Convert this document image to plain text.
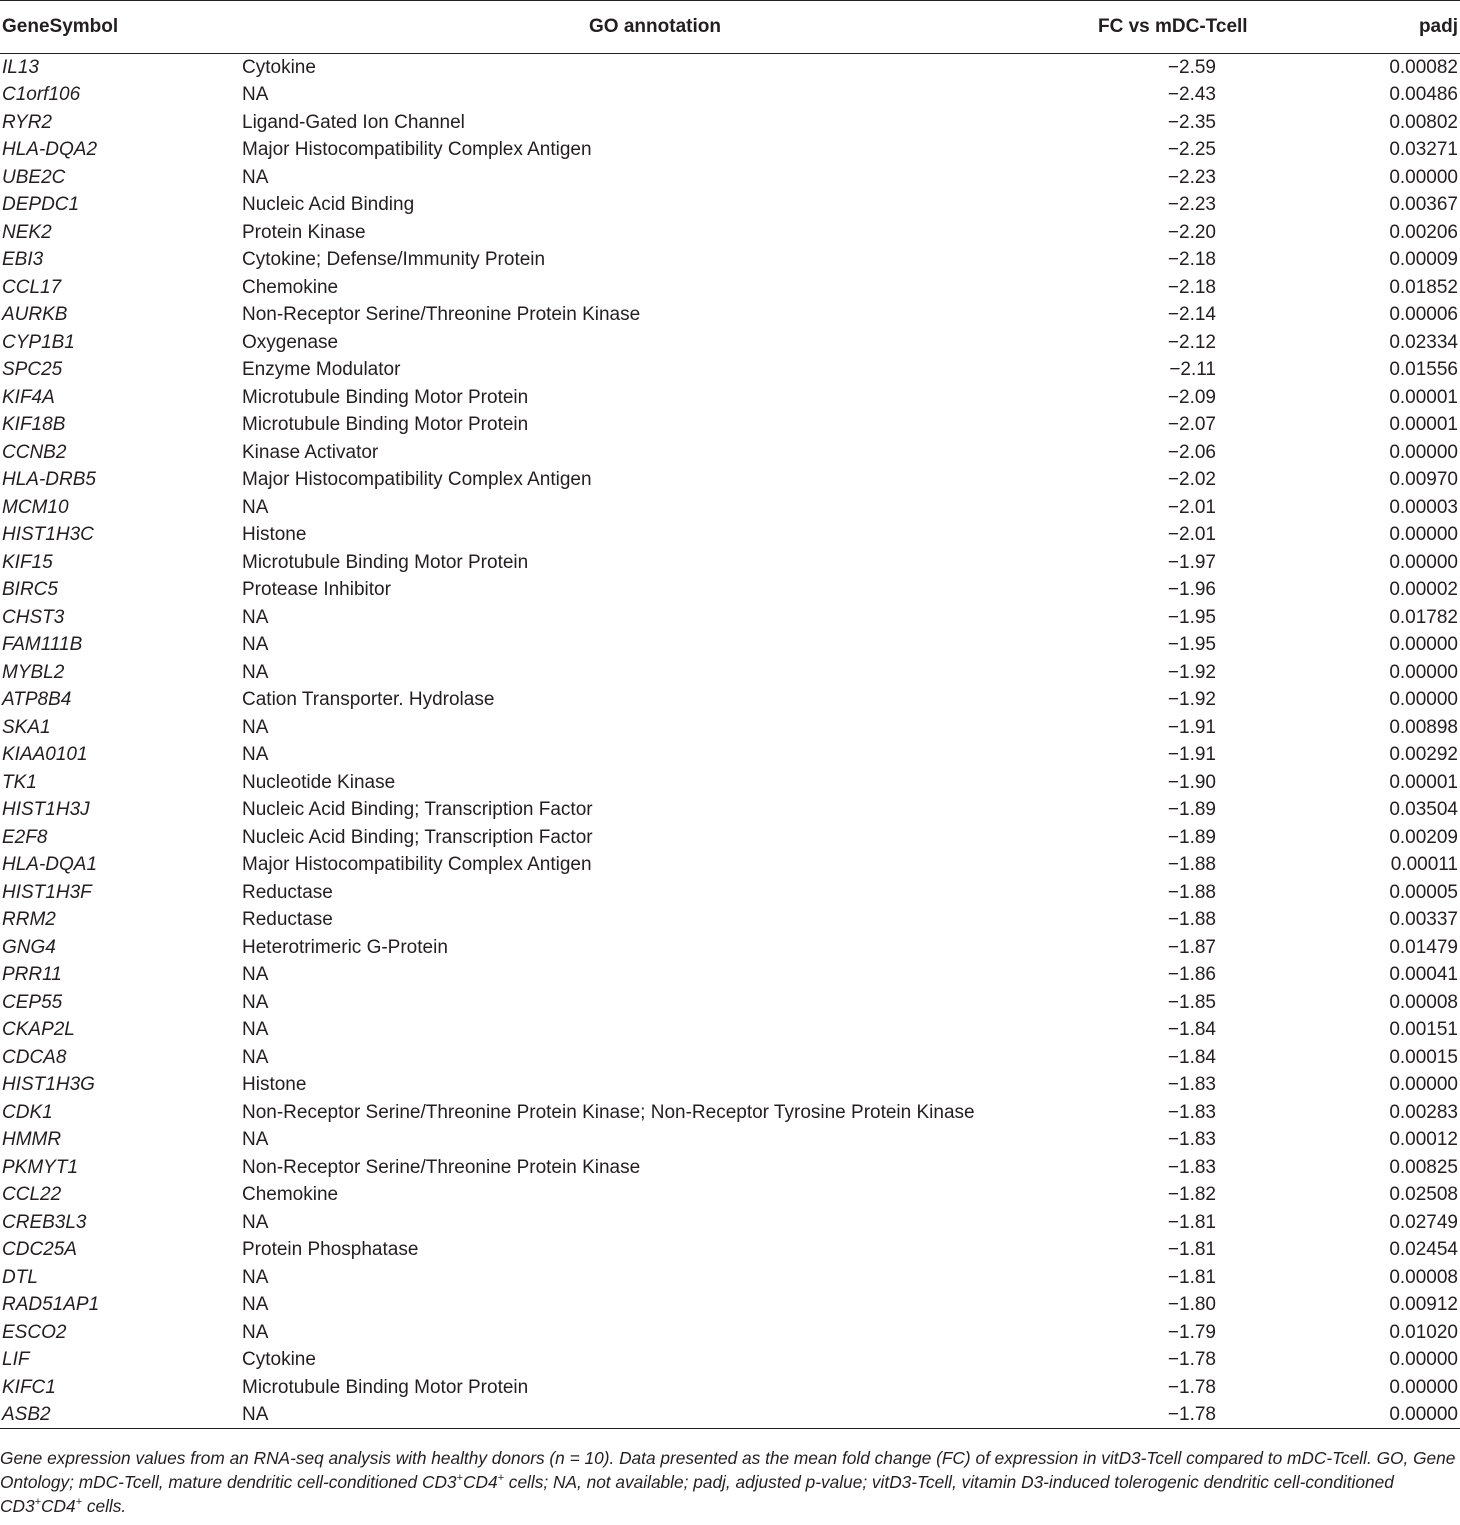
GeneSymbol	GO annotation	FC vs mDC-Tcell	padj
IL13	Cytokine	−2.59	0.00082
C1orf106	NA	−2.43	0.00486
RYR2	Ligand-Gated Ion Channel	−2.35	0.00802
HLA-DQA2	Major Histocompatibility Complex Antigen	−2.25	0.03271
UBE2C	NA	−2.23	0.00000
DEPDC1	Nucleic Acid Binding	−2.23	0.00367
NEK2	Protein Kinase	−2.20	0.00206
EBI3	Cytokine; Defense/Immunity Protein	−2.18	0.00009
CCL17	Chemokine	−2.18	0.01852
AURKB	Non-Receptor Serine/Threonine Protein Kinase	−2.14	0.00006
CYP1B1	Oxygenase	−2.12	0.02334
SPC25	Enzyme Modulator	−2.11	0.01556
KIF4A	Microtubule Binding Motor Protein	−2.09	0.00001
KIF18B	Microtubule Binding Motor Protein	−2.07	0.00001
CCNB2	Kinase Activator	−2.06	0.00000
HLA-DRB5	Major Histocompatibility Complex Antigen	−2.02	0.00970
MCM10	NA	−2.01	0.00003
HIST1H3C	Histone	−2.01	0.00000
KIF15	Microtubule Binding Motor Protein	−1.97	0.00000
BIRC5	Protease Inhibitor	−1.96	0.00002
CHST3	NA	−1.95	0.01782
FAM111B	NA	−1.95	0.00000
MYBL2	NA	−1.92	0.00000
ATP8B4	Cation Transporter. Hydrolase	−1.92	0.00000
SKA1	NA	−1.91	0.00898
KIAA0101	NA	−1.91	0.00292
TK1	Nucleotide Kinase	−1.90	0.00001
HIST1H3J	Nucleic Acid Binding; Transcription Factor	−1.89	0.03504
E2F8	Nucleic Acid Binding; Transcription Factor	−1.89	0.00209
HLA-DQA1	Major Histocompatibility Complex Antigen	−1.88	0.00011
HIST1H3F	Reductase	−1.88	0.00005
RRM2	Reductase	−1.88	0.00337
GNG4	Heterotrimeric G-Protein	−1.87	0.01479
PRR11	NA	−1.86	0.00041
CEP55	NA	−1.85	0.00008
CKAP2L	NA	−1.84	0.00151
CDCA8	NA	−1.84	0.00015
HIST1H3G	Histone	−1.83	0.00000
CDK1	Non-Receptor Serine/Threonine Protein Kinase; Non-Receptor Tyrosine Protein Kinase	−1.83	0.00283
HMMR	NA	−1.83	0.00012
PKMYT1	Non-Receptor Serine/Threonine Protein Kinase	−1.83	0.00825
CCL22	Chemokine	−1.82	0.02508
CREB3L3	NA	−1.81	0.02749
CDC25A	Protein Phosphatase	−1.81	0.02454
DTL	NA	−1.81	0.00008
RAD51AP1	NA	−1.80	0.00912
ESCO2	NA	−1.79	0.01020
LIF	Cytokine	−1.78	0.00000
KIFC1	Microtubule Binding Motor Protein	−1.78	0.00000
ASB2	NA	−1.78	0.00000
Gene expression values from an RNA-seq analysis with healthy donors (n = 10). Data presented as the mean fold change (FC) of expression in vitD3-Tcell compared to mDC-Tcell. GO, Gene Ontology; mDC-Tcell, mature dendritic cell-conditioned CD3+CD4+ cells; NA, not available; padj, adjusted p-value; vitD3-Tcell, vitamin D3-induced tolerogenic dendritic cell-conditioned CD3+CD4+ cells.
